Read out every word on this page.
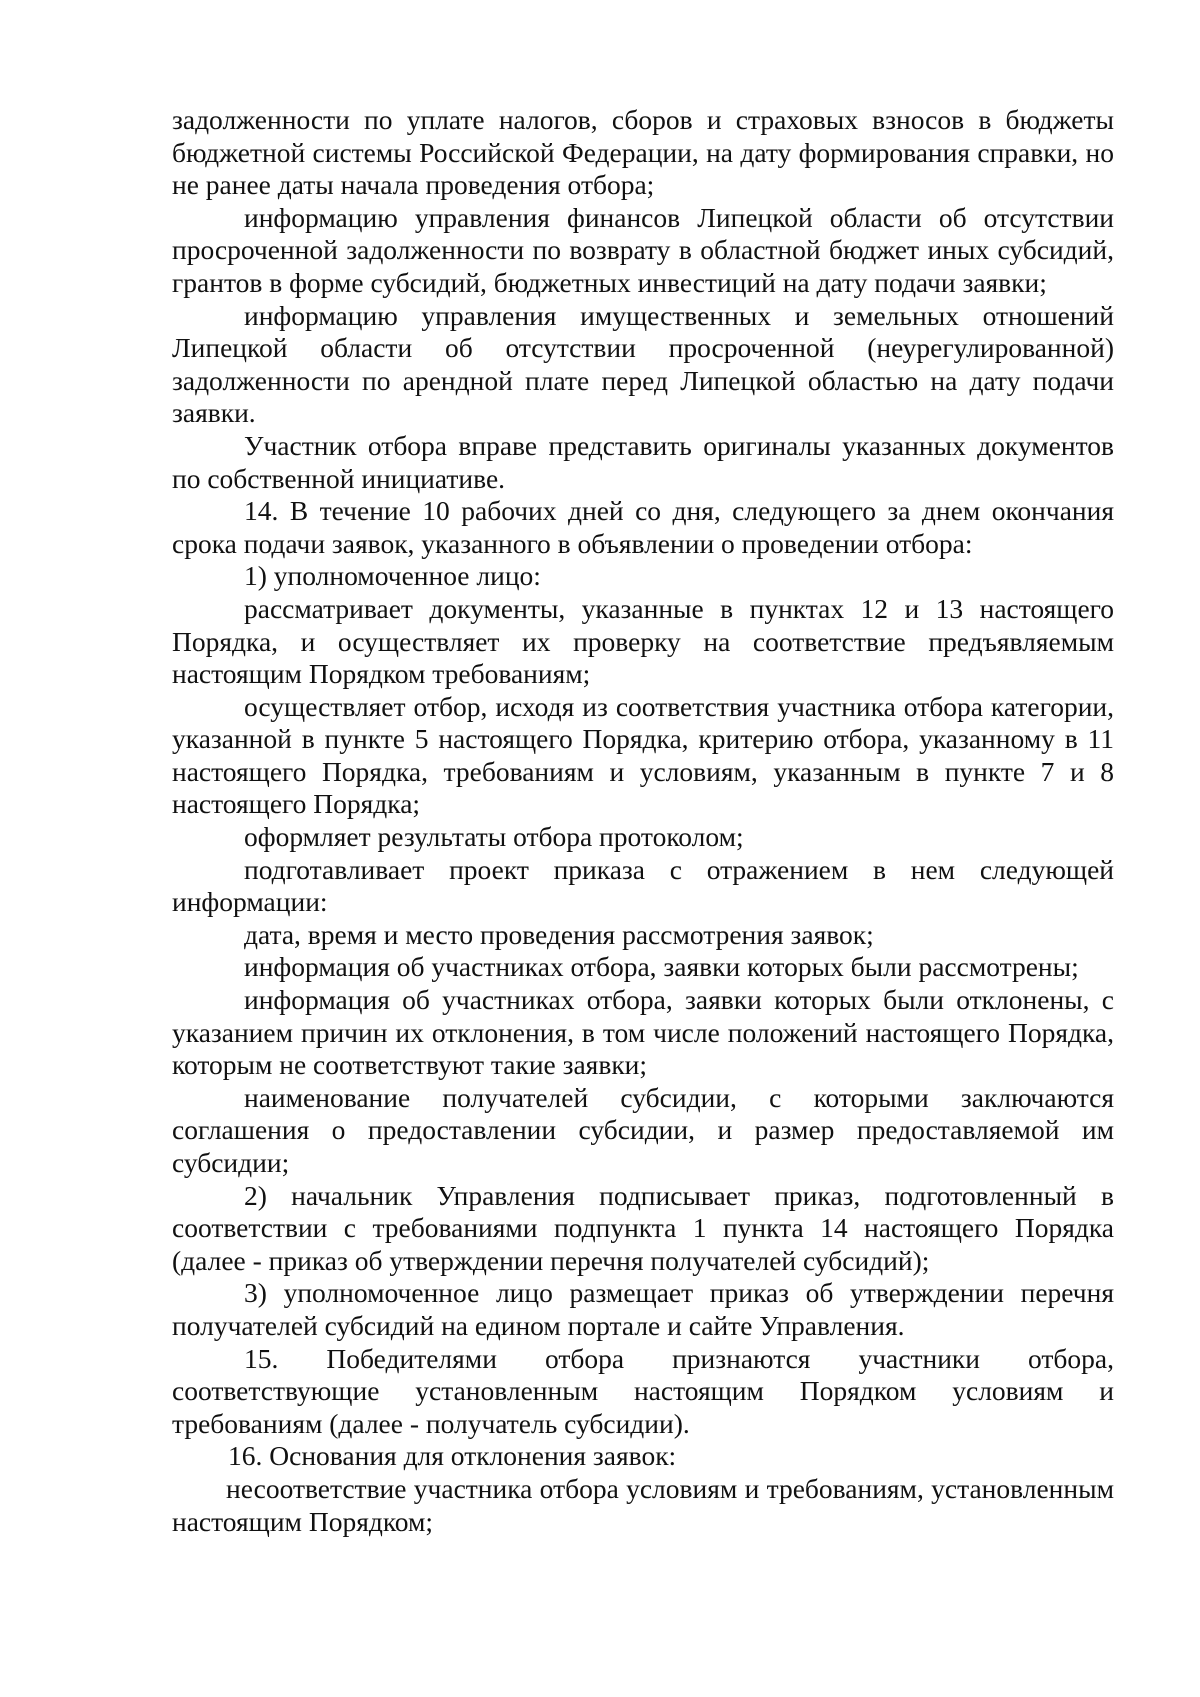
задолженности по уплате налогов, сборов и страховых взносов в бюджеты бюджетной системы Российской Федерации, на дату формирования справки, но не ранее даты начала проведения отбора;

информацию управления финансов Липецкой области об отсутствии просроченной задолженности по возврату в областной бюджет иных субсидий, грантов в форме субсидий, бюджетных инвестиций на дату подачи заявки;

информацию управления имущественных и земельных отношений Липецкой области об отсутствии просроченной (неурегулированной) задолженности по арендной плате перед Липецкой областью на дату подачи заявки.

Участник отбора вправе представить оригиналы указанных документов по собственной инициативе.

14. В течение 10 рабочих дней со дня, следующего за днем окончания срока подачи заявок, указанного в объявлении о проведении отбора:

1) уполномоченное лицо:

рассматривает документы, указанные в пунктах 12 и 13 настоящего Порядка, и осуществляет их проверку на соответствие предъявляемым настоящим Порядком требованиям;

осуществляет отбор, исходя из соответствия участника отбора категории, указанной в пункте 5 настоящего Порядка, критерию отбора, указанному в 11 настоящего Порядка, требованиям и условиям, указанным в пункте 7 и 8 настоящего Порядка;

оформляет результаты отбора протоколом;

подготавливает проект приказа с отражением в нем следующей информации:

дата, время и место проведения рассмотрения заявок;

информация об участниках отбора, заявки которых были рассмотрены;

информация об участниках отбора, заявки которых были отклонены, с указанием причин их отклонения, в том числе положений настоящего Порядка, которым не соответствуют такие заявки;

наименование получателей субсидии, с которыми заключаются соглашения о предоставлении субсидии, и размер предоставляемой им субсидии;

2) начальник Управления подписывает приказ, подготовленный в соответствии с требованиями подпункта 1 пункта 14 настоящего Порядка (далее - приказ об утверждении перечня получателей субсидий);

3) уполномоченное лицо размещает приказ об утверждении перечня получателей субсидий на едином портале и сайте Управления.

15. Победителями отбора признаются участники отбора, соответствующие установленным настоящим Порядком условиям и требованиям (далее - получатель субсидии).

16. Основания для отклонения заявок:

несоответствие участника отбора условиям и требованиям, установленным настоящим Порядком;
